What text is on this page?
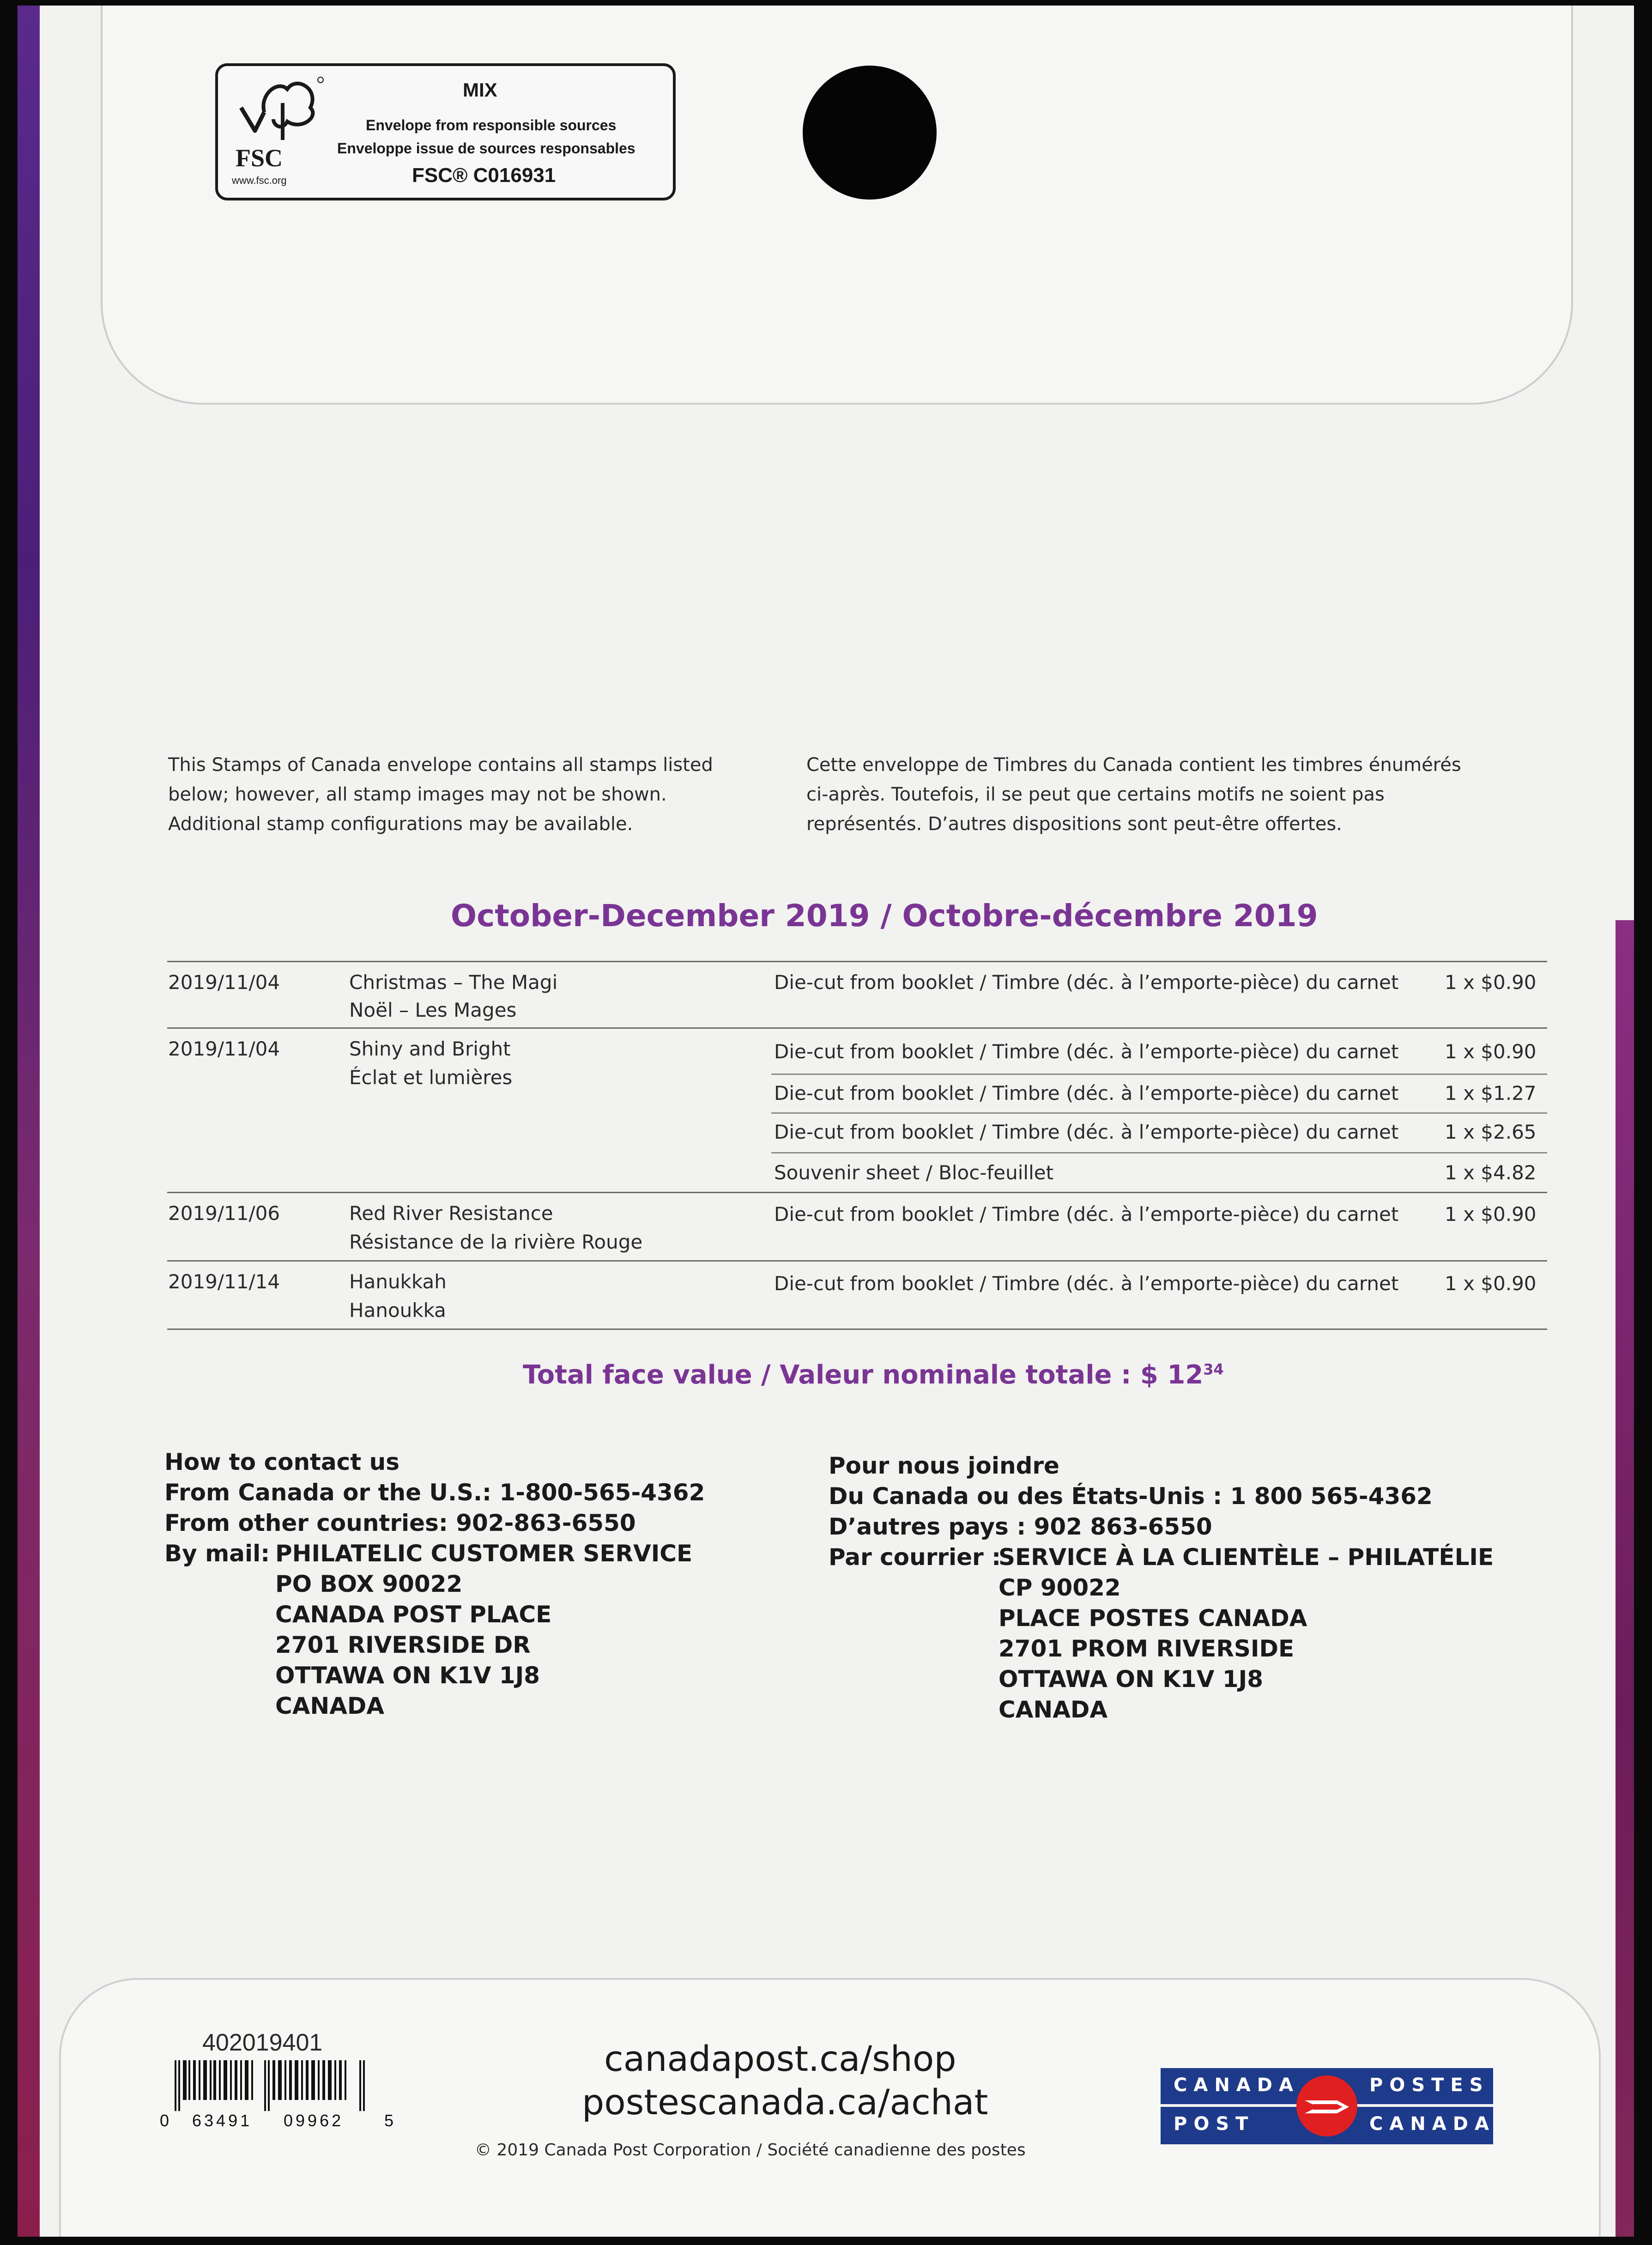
FSC
www.fsc.org
MIX
Envelope from responsible sources
Enveloppe issue de sources responsables
FSC® C016931
This Stamps of Canada envelope contains all stamps listed
below; however, all stamp images may not be shown.
Additional stamp configurations may be available.
Cette enveloppe de Timbres du Canada contient les timbres énumérés
ci-après. Toutefois, il se peut que certains motifs ne soient pas
représentés. D’autres dispositions sont peut-être offertes.
October-December 2019 / Octobre-décembre 2019
2019/11/04	Christmas – The Magi
Noël – Les Mages
Die-cut from booklet / Timbre (déc. à l’emporte-pièce) du carnet 1 x $0.90
2019/11/04	Shiny and Bright
Éclat et lumières
Die-cut from booklet / Timbre (déc. à l’emporte-pièce) du carnet 1 x $0.90
Die-cut from booklet / Timbre (déc. à l’emporte-pièce) du carnet 1 x $1.27
Die-cut from booklet / Timbre (déc. à l’emporte-pièce) du carnet 1 x $2.65
Souvenir sheet / Bloc-feuillet	1 x $4.82
2019/11/06	Red River Resistance
Résistance de la rivière Rouge
Die-cut from booklet / Timbre (déc. à l’emporte-pièce) du carnet 1 x $0.90
2019/11/14	Hanukkah
Hanoukka
Die-cut from booklet / Timbre (déc. à l’emporte-pièce) du carnet 1 x $0.90
Total face value / Valeur nominale totale : $ $12^{34}$
How to contact us
From Canada or the U.S.: 1-800-565-4362
From other countries: 902-863-6550
By mail: PHILATELIC CUSTOMER SERVICE
PO BOX 90022
CANADA POST PLACE
2701 RIVERSIDE DR
OTTAWA ON K1V 1J8
CANADA
Pour nous joindre
Du Canada ou des États-Unis : 1 800 565-4362
D’autres pays : 902 863-6550
Par courrier :SERVICE À LA CLIENTÈLE – PHILATÉLIE
CP 90022
PLACE POSTES CANADA
2701 PROM RIVERSIDE
OTTAWA ON K1V 1J8
CANADA
402019401
0 63491 09962 5
canadapost.ca/shop
postescanada.ca/achat
© 2019 Canada Post Corporation / Société canadienne des postes
CANADA
POST
POSTES
CANADA
